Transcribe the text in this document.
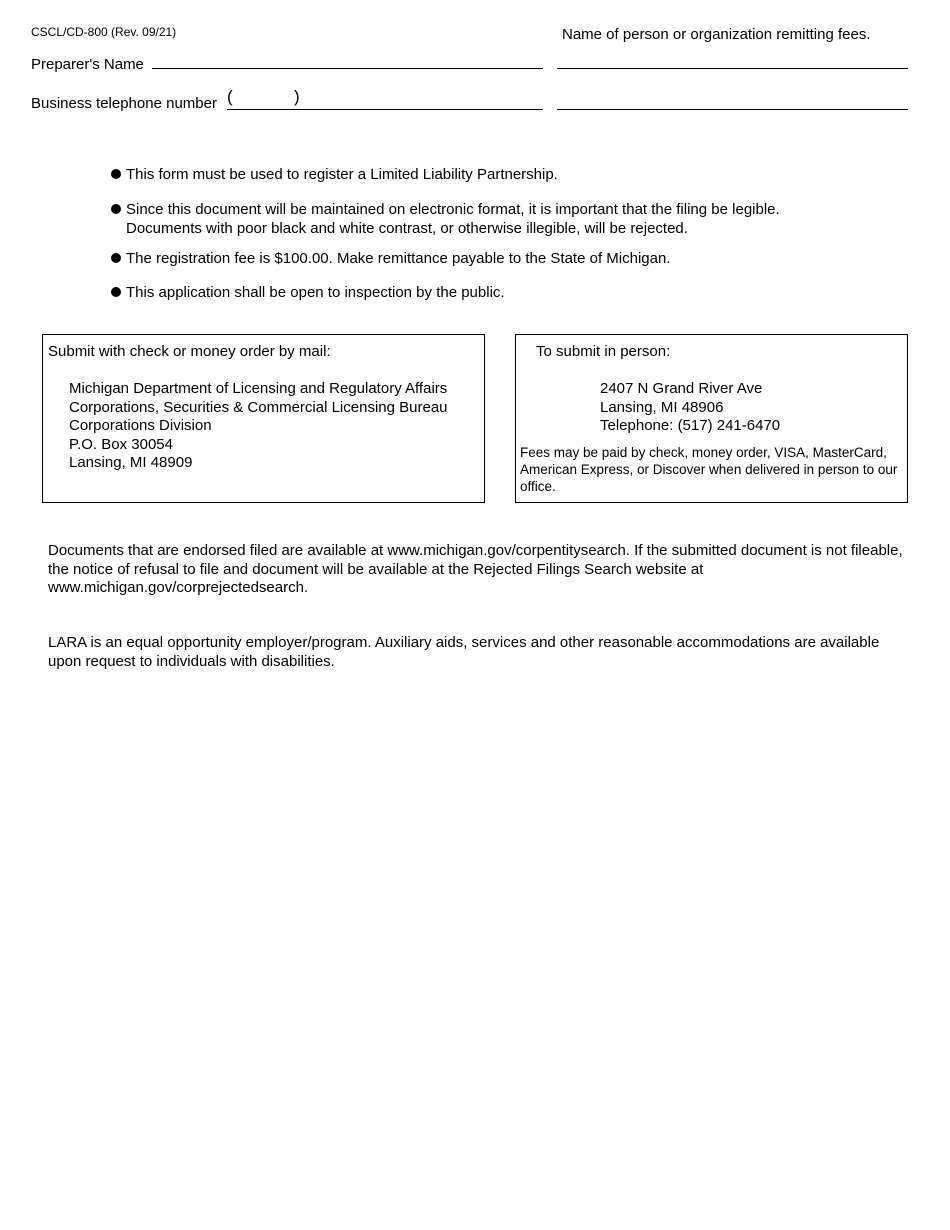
CSCL/CD-800 (Rev. 09/21)	Name of person or organization remitting fees.
Preparer's Name
Business telephone number (	)
This form must be used to register a Limited Liability Partnership.
Since this document will be maintained on electronic format, it is important that the filing be legible.
Documents with poor black and white contrast, or otherwise illegible, will be rejected.
The registration fee is $100.00. Make remittance payable to the State of Michigan.
This application shall be open to inspection by the public.
Submit with check or money order by mail:
Michigan Department of Licensing and Regulatory Affairs
Corporations, Securities & Commercial Licensing Bureau
Corporations Division
P.O. Box 30054
Lansing, MI 48909
To submit in person:
2407 N Grand River Ave
Lansing, MI 48906
Telephone: (517) 241-6470
Fees may be paid by check, money order, VISA, MasterCard, American Express, or Discover when delivered in person to our office.
Documents that are endorsed filed are available at www.michigan.gov/corpentitysearch. If the submitted document is not fileable, the notice of refusal to file and document will be available at the Rejected Filings Search website at www.michigan.gov/corprejectedsearch.
LARA is an equal opportunity employer/program. Auxiliary aids, services and other reasonable accommodations are available upon request to individuals with disabilities.
